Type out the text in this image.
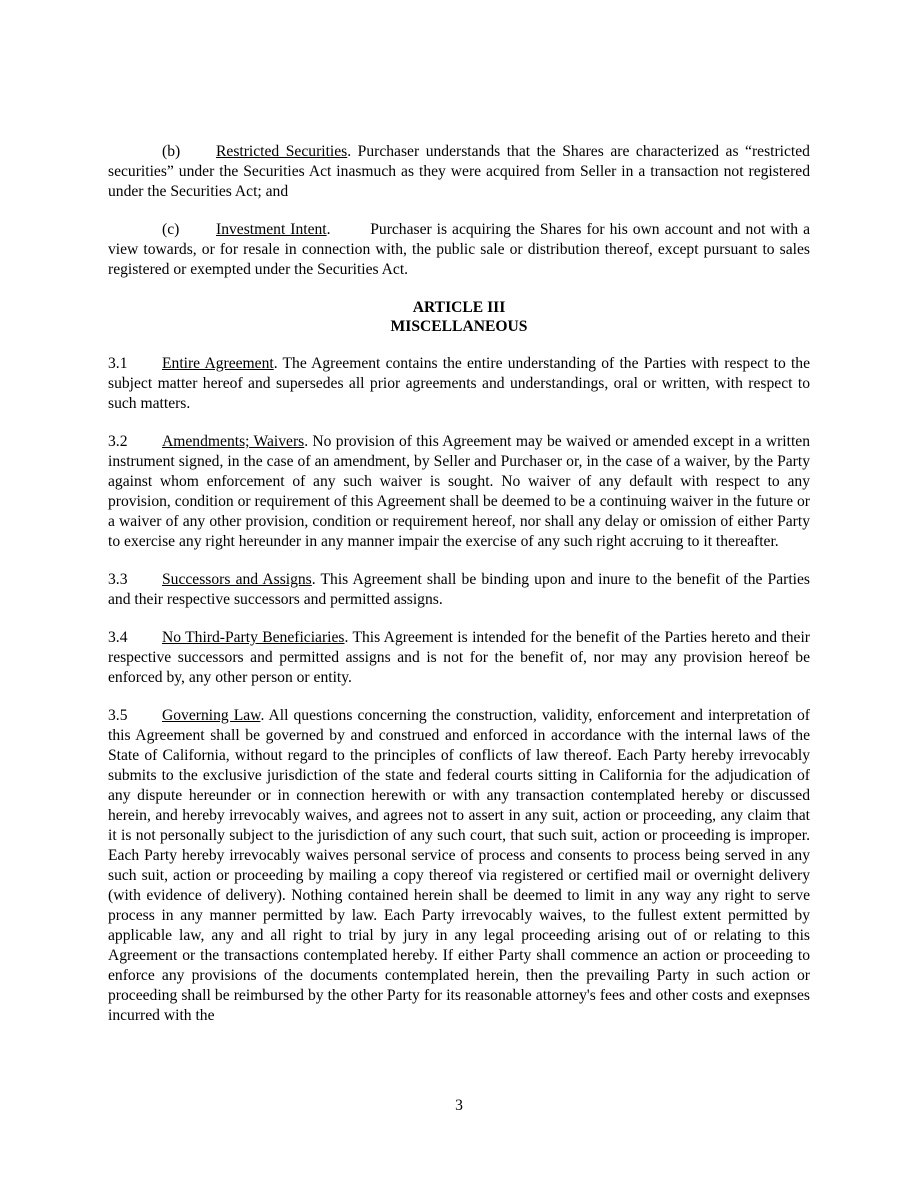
(b) Restricted Securities. Purchaser understands that the Shares are characterized as “restricted securities” under the Securities Act inasmuch as they were acquired from Seller in a transaction not registered under the Securities Act; and

(c) Investment Intent.        Purchaser is acquiring the Shares for his own account and not with a view towards, or for resale in connection with, the public sale or distribution thereof, except pursuant to sales registered or exempted under the Securities Act.

ARTICLE III
MISCELLANEOUS

3.1 Entire Agreement. The Agreement contains the entire understanding of the Parties with respect to the subject matter hereof and supersedes all prior agreements and understandings, oral or written, with respect to such matters.

3.2 Amendments; Waivers. No provision of this Agreement may be waived or amended except in a written instrument signed, in the case of an amendment, by Seller and Purchaser or, in the case of a waiver, by the Party against whom enforcement of any such waiver is sought. No waiver of any default with respect to any provision, condition or requirement of this Agreement shall be deemed to be a continuing waiver in the future or a waiver of any other provision, condition or requirement hereof, nor shall any delay or omission of either Party to exercise any right hereunder in any manner impair the exercise of any such right accruing to it thereafter.

3.3 Successors and Assigns. This Agreement shall be binding upon and inure to the benefit of the Parties and their respective successors and permitted assigns.

3.4 No Third-Party Beneficiaries. This Agreement is intended for the benefit of the Parties hereto and their respective successors and permitted assigns and is not for the benefit of, nor may any provision hereof be enforced by, any other person or entity.

3.5 Governing Law. All questions concerning the construction, validity, enforcement and interpretation of this Agreement shall be governed by and construed and enforced in accordance with the internal laws of the State of California, without regard to the principles of conflicts of law thereof. Each Party hereby irrevocably submits to the exclusive jurisdiction of the state and federal courts sitting in California for the adjudication of any dispute hereunder or in connection herewith or with any transaction contemplated hereby or discussed herein, and hereby irrevocably waives, and agrees not to assert in any suit, action or proceeding, any claim that it is not personally subject to the jurisdiction of any such court, that such suit, action or proceeding is improper. Each Party hereby irrevocably waives personal service of process and consents to process being served in any such suit, action or proceeding by mailing a copy thereof via registered or certified mail or overnight delivery (with evidence of delivery). Nothing contained herein shall be deemed to limit in any way any right to serve process in any manner permitted by law. Each Party irrevocably waives, to the fullest extent permitted by applicable law, any and all right to trial by jury in any legal proceeding arising out of or relating to this Agreement or the transactions contemplated hereby. If either Party shall commence an action or proceeding to enforce any provisions of the documents contemplated herein, then the prevailing Party in such action or proceeding shall be reimbursed by the other Party for its reasonable attorney's fees and other costs and exepnses incurred with the

3
